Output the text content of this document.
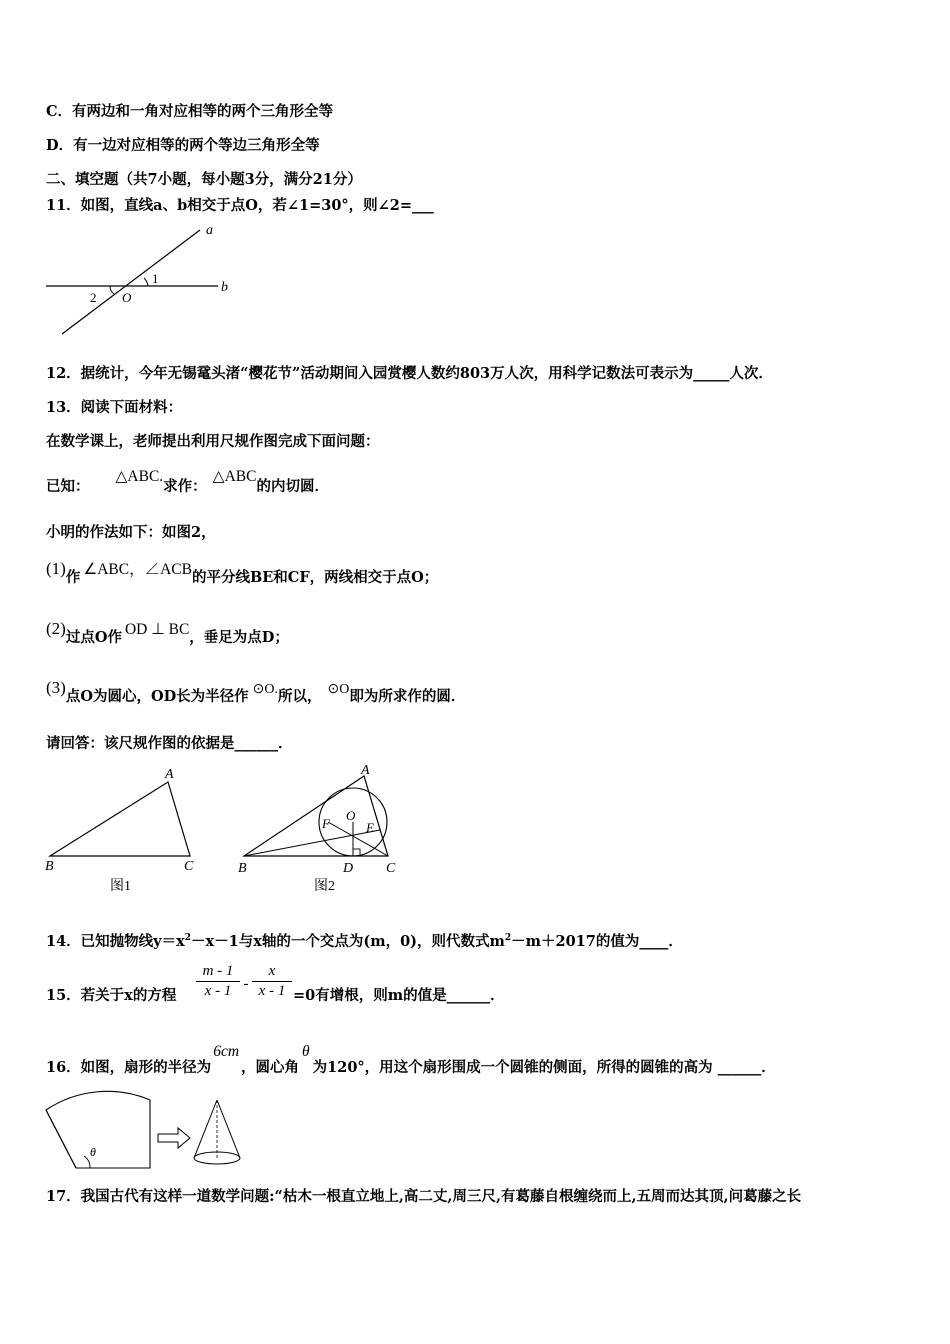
C．有两边和一角对应相等的两个三角形全等
D．有一边对应相等的两个等边三角形全等
二、填空题（共7小题，每小题3分，满分21分）
11．如图，直线a、b相交于点O，若∠1=30°，则∠2=___
a
b
1
2 O
12．据统计，今年无锡鼋头渚“樱花节”活动期间入园赏樱人数约803万人次，用科学记数法可表示为_____人次．
13．阅读下面材料：
在数学课上，老师提出利用尺规作图完成下面问题：
已知：△ABC.求作：△ABC的内切圆．
小明的作法如下：如图2，
(1)作 ∠ABC，∠ACB的平分线BE和CF，两线相交于点O；
(2)过点O作 OD ⊥ BC，垂足为点D；
(3)点O为圆心，OD长为半径作 ⊙O.所以， ⊙O即为所求作的圆．
请回答：该尺规作图的依据是______．
A
B	C
图1
A
B	C
D
E
F
O
图2
14．已知抛物线$y=x^2-x-1$与x轴的一个交点为(m，0)，则代数式$m^2-m+2017$的值为____．
15．若关于x的方程 $\frac{m - 1}{x - 1} - \frac{x}{x - 1} =0$有增根，则m的值是______．
16．如图，扇形的半径为6cm，圆心角θ为120°，用这个扇形围成一个圆锥的侧面，所得的圆锥的高为 ______．
θ
17．我国古代有这样一道数学问题:“枯木一根直立地上,高二丈,周三尺,有葛藤自根缠绕而上,五周而达其顶,问葛藤之长
